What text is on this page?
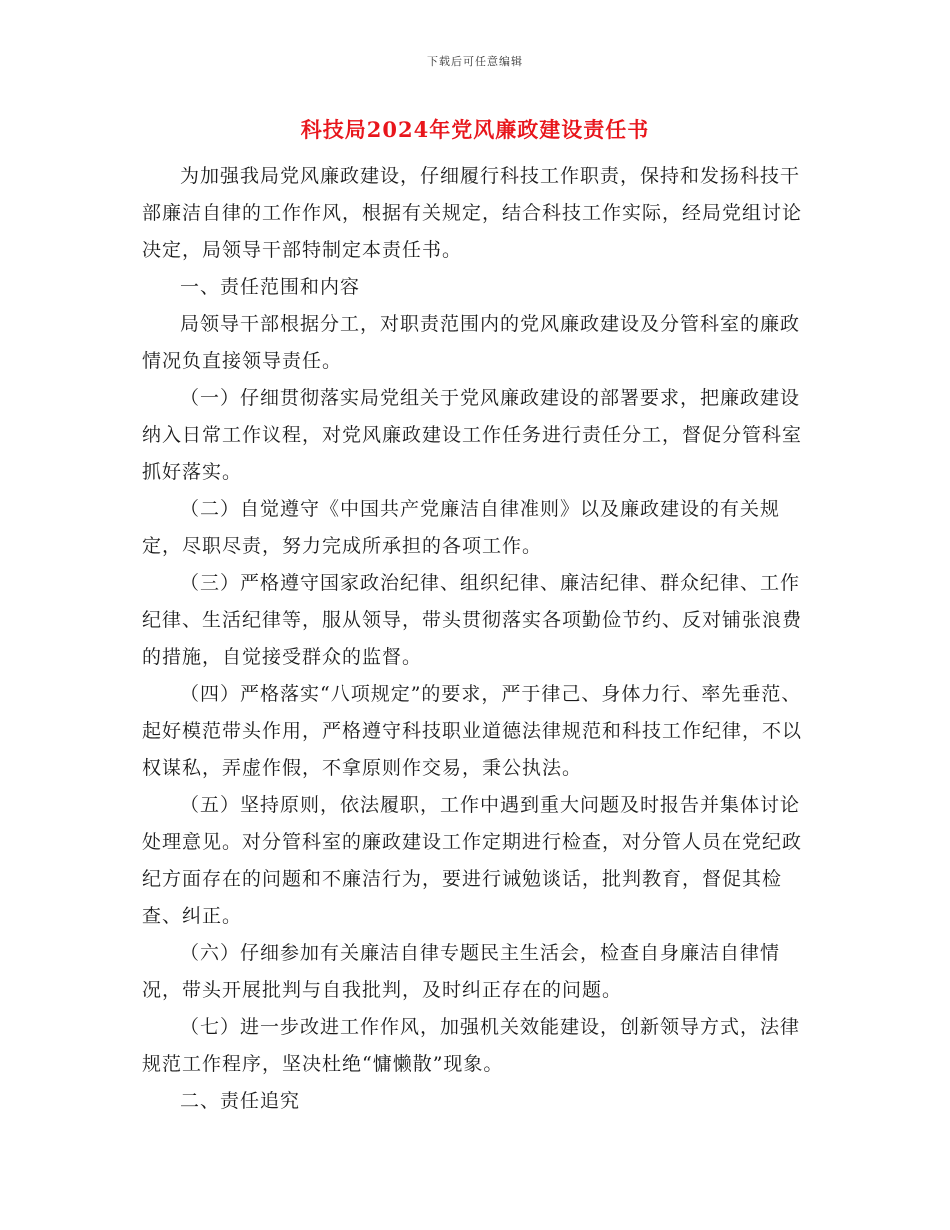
下载后可任意编辑
科技局2024年党风廉政建设责任书

为加强我局党风廉政建设，仔细履行科技工作职责，保持和发扬科技干部廉洁自律的工作作风，根据有关规定，结合科技工作实际，经局党组讨论决定，局领导干部特制定本责任书。

一、责任范围和内容

局领导干部根据分工，对职责范围内的党风廉政建设及分管科室的廉政情况负直接领导责任。

（一）仔细贯彻落实局党组关于党风廉政建设的部署要求，把廉政建设纳入日常工作议程，对党风廉政建设工作任务进行责任分工，督促分管科室抓好落实。

（二）自觉遵守《中国共产党廉洁自律准则》以及廉政建设的有关规定，尽职尽责，努力完成所承担的各项工作。

（三）严格遵守国家政治纪律、组织纪律、廉洁纪律、群众纪律、工作纪律、生活纪律等，服从领导，带头贯彻落实各项勤俭节约、反对铺张浪费的措施，自觉接受群众的监督。

（四）严格落实“八项规定”的要求，严于律己、身体力行、率先垂范、起好模范带头作用，严格遵守科技职业道德法律规范和科技工作纪律，不以权谋私，弄虚作假，不拿原则作交易，秉公执法。

（五）坚持原则，依法履职，工作中遇到重大问题及时报告并集体讨论处理意见。对分管科室的廉政建设工作定期进行检查，对分管人员在党纪政纪方面存在的问题和不廉洁行为，要进行诫勉谈话，批判教育，督促其检查、纠正。

（六）仔细参加有关廉洁自律专题民主生活会，检查自身廉洁自律情况，带头开展批判与自我批判，及时纠正存在的问题。

（七）进一步改进工作作风，加强机关效能建设，创新领导方式，法律规范工作程序，坚决杜绝“慵懒散”现象。

二、责任追究
